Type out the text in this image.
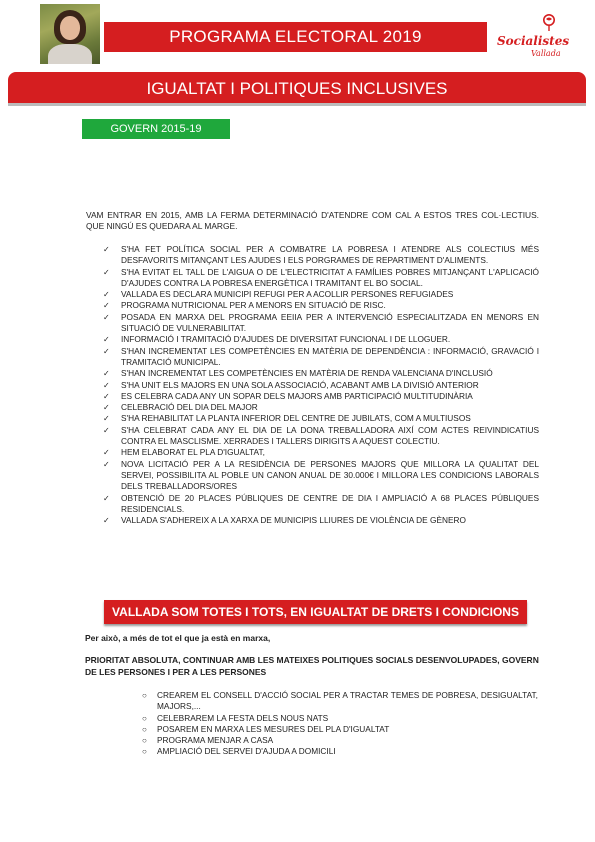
PROGRAMA ELECTORAL 2019	Socialistes
Vallada
IGUALTAT I POLITIQUES INCLUSIVES
GOVERN 2015-19
VAM ENTRAR EN 2015, AMB LA FERMA DETERMINACIÓ D'ATENDRE COM CAL A ESTOS TRES COL·LECTIUS. QUE NINGÚ ES QUEDARA AL MARGE.
✓ S'HA FET POLÍTICA SOCIAL PER A COMBATRE LA POBRESA I ATENDRE ALS COLECTIUS MÉS DESFAVORITS MITANÇANT LES AJUDES I ELS PORGRAMES DE REPARTIMENT D'ALIMENTS.
✓ S'HA EVITAT EL TALL DE L'AIGUA O DE L'ELECTRICITAT A FAMÍLIES POBRES MITJANÇANT L'APLICACIÓ D'AJUDES CONTRA LA POBRESA ENERGÈTICA I TRAMITANT EL BO SOCIAL.
✓ VALLADA ES DECLARA MUNICIPI REFUGI PER A ACOLLIR PERSONES REFUGIADES
✓ PROGRAMA NUTRICIONAL PER A MENORS EN SITUACIÓ DE RISC.
✓ POSADA EN MARXA DEL PROGRAMA EEIIA PER A INTERVENCIÓ ESPECIALITZADA EN MENORS EN SITUACIÓ DE VULNERABILITAT.
✓ INFORMACIÓ I TRAMITACIÓ D'AJUDES DE DIVERSITAT FUNCIONAL I DE LLOGUER.
✓ S'HAN INCREMENTAT LES COMPETÈNCIES EN MATÈRIA DE DEPENDÈNCIA : INFORMACIÓ, GRAVACIÓ I TRAMITACIÓ MUNICIPAL.
✓ S'HAN INCREMENTAT LES COMPETÈNCIES EN MATÈRIA DE RENDA VALENCIANA D'INCLUSIÓ
✓ S'HA UNIT ELS MAJORS EN UNA SOLA ASSOCIACIÓ, ACABANT AMB LA DIVISIÓ ANTERIOR
✓ ES CELEBRA CADA ANY UN SOPAR DELS MAJORS AMB PARTICIPACIÓ MULTITUDINÀRIA
✓ CELEBRACIÓ DEL DIA DEL MAJOR
✓ S'HA REHABILITAT LA PLANTA INFERIOR DEL CENTRE DE JUBILATS, COM A MULTIUSOS
✓ S'HA CELEBRAT CADA ANY EL DIA DE LA DONA TREBALLADORA AIXÍ COM ACTES REIVINDICATIUS CONTRA EL MASCLISME. XERRADES I TALLERS DIRIGITS A AQUEST COLECTIU.
✓ HEM ELABORAT EL PLA D'IGUALTAT,
✓ NOVA LICITACIÓ PER A LA RESIDÈNCIA DE PERSONES MAJORS QUE MILLORA LA QUALITAT DEL SERVEI, POSSIBILITA AL POBLE UN CANON ANUAL DE 30.000€ I MILLORA LES CONDICIONS LABORALS DELS TREBALLADORS/ORES
✓ OBTENCIÓ DE 20 PLACES PÚBLIQUES DE CENTRE DE DIA I AMPLIACIÓ A 68 PLACES PÚBLIQUES RESIDENCIALS.
✓ VALLADA S'ADHEREIX A LA XARXA DE MUNICIPIS LLIURES DE VIOLÈNCIA DE GÈNERO
VALLADA SOM TOTES I TOTS, EN IGUALTAT DE DRETS I CONDICIONS
Per això, a més de tot el que ja està en marxa,
PRIORITAT ABSOLUTA, CONTINUAR AMB LES MATEIXES POLITIQUES SOCIALS DESENVOLUPADES, GOVERN DE LES PERSONES I PER A LES PERSONES
○ CREAREM EL CONSELL D'ACCIÓ SOCIAL PER A TRACTAR TEMES DE POBRESA, DESIGUALTAT, MAJORS,...
○ CELEBRAREM LA FESTA DELS NOUS NATS
○ POSAREM EN MARXA LES MESURES DEL PLA D'IGUALTAT
○ PROGRAMA MENJAR A CASA
○ AMPLIACIÓ DEL SERVEI D'AJUDA A DOMICILI
